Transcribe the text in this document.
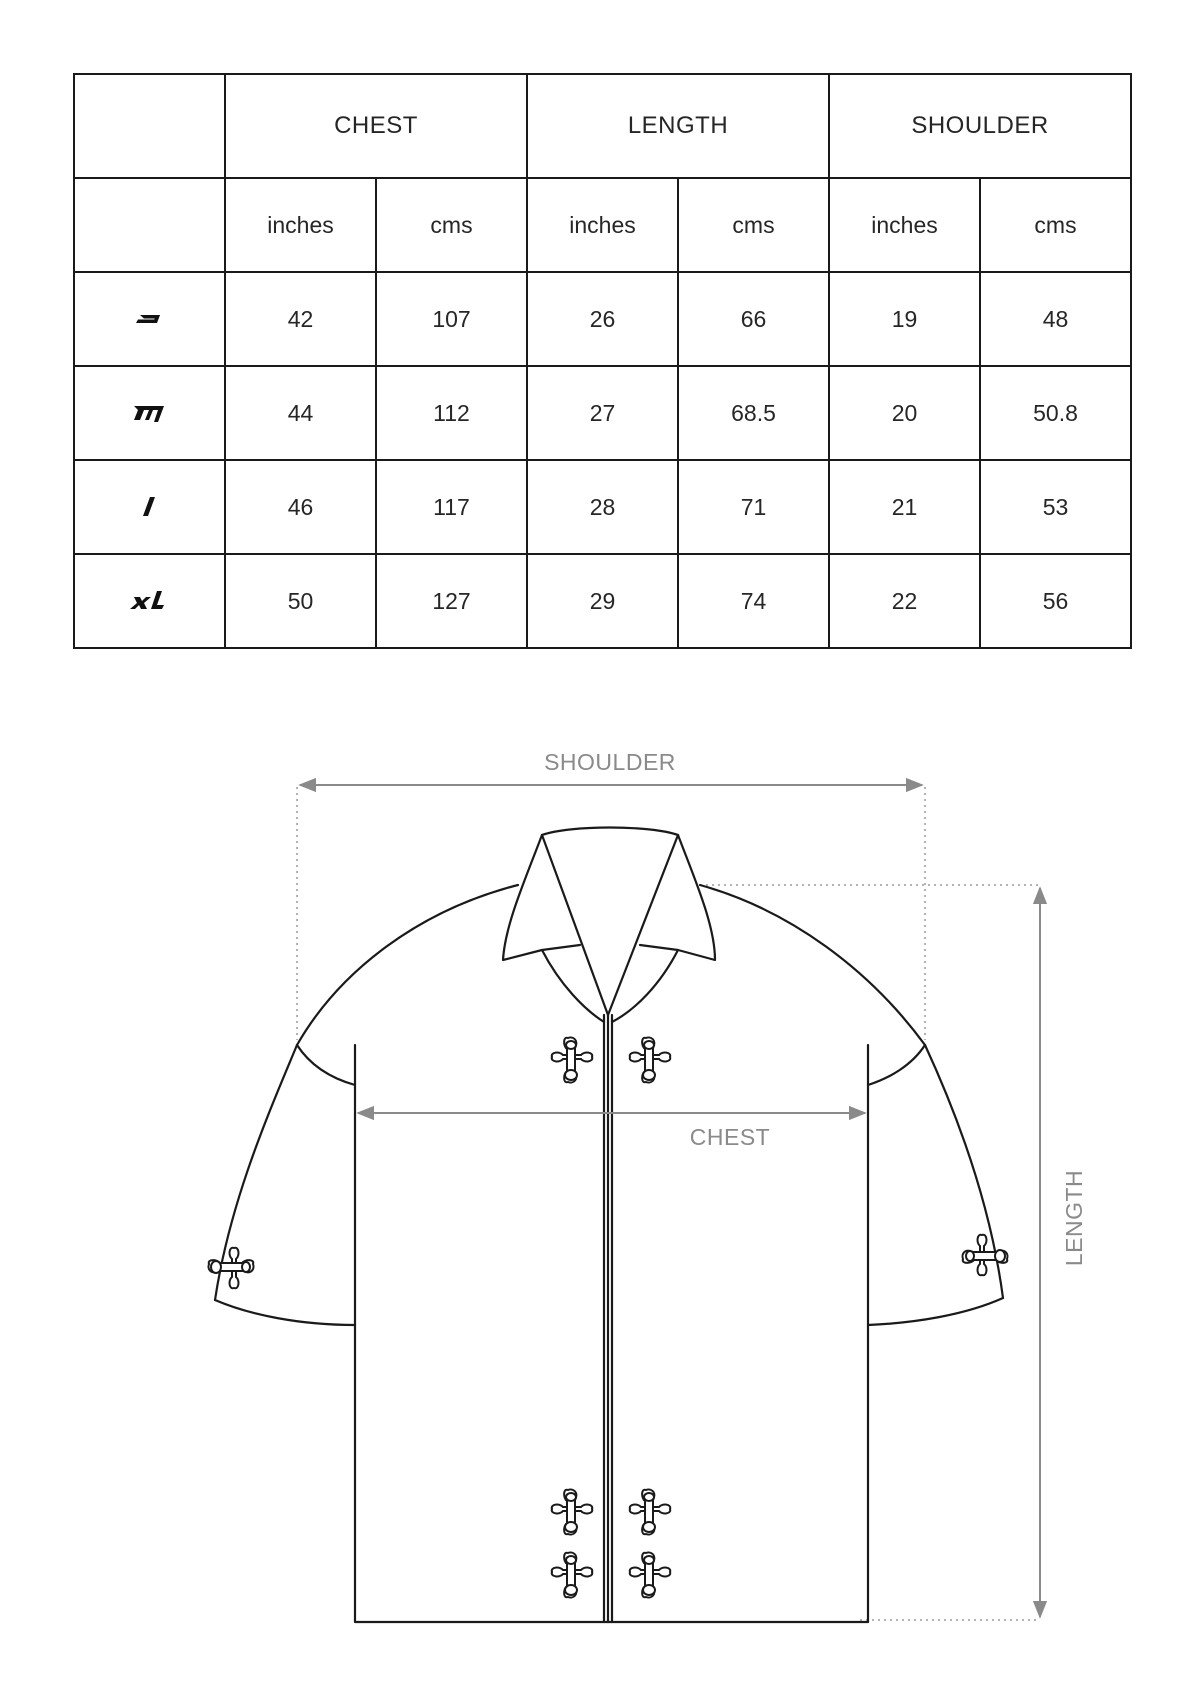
	CHEST		LENGTH		SHOULDER	
	inches	cms	inches	cms	inches	cms

	42	107	26	66	19	48

	44	112	27	68.5	20	50.8

	46	117	28	71	21	53

	50	127	29	74	22	56
SHOULDER
CHEST
LENGTH
